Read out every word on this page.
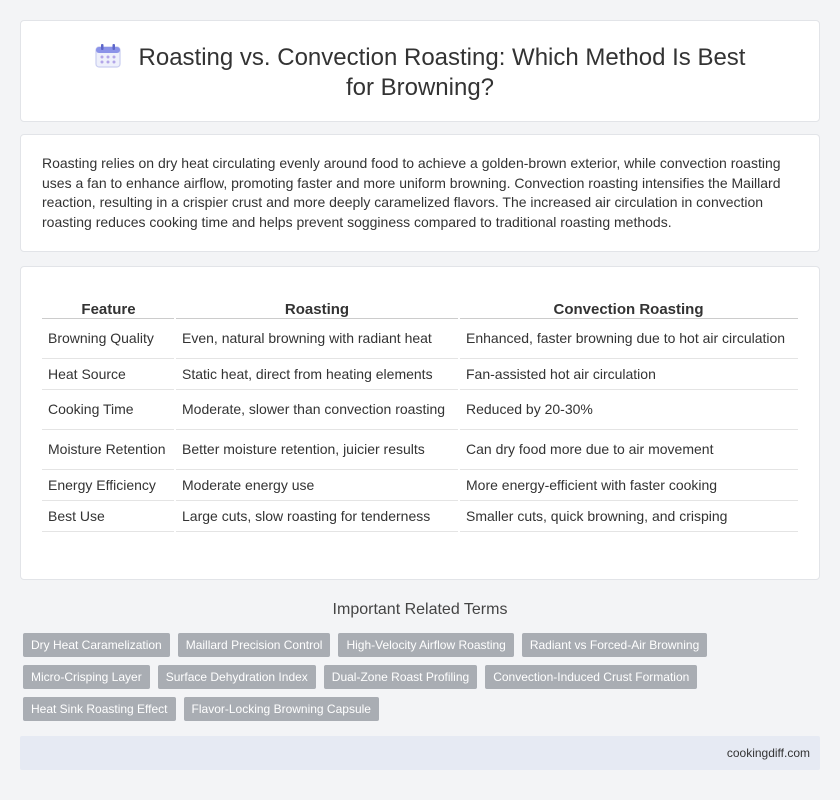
Roasting vs. Convection Roasting: Which Method Is Best for Browning?

Roasting relies on dry heat circulating evenly around food to achieve a golden-brown exterior, while convection roasting uses a fan to enhance airflow, promoting faster and more uniform browning. Convection roasting intensifies the Maillard reaction, resulting in a crispier crust and more deeply caramelized flavors. The increased air circulation in convection roasting reduces cooking time and helps prevent sogginess compared to traditional roasting methods.

Feature	Roasting	Convection Roasting
Browning Quality	Even, natural browning with radiant heat	Enhanced, faster browning due to hot air circulation
Heat Source	Static heat, direct from heating elements	Fan-assisted hot air circulation
Cooking Time	Moderate, slower than convection roasting	Reduced by 20-30%
Moisture Retention	Better moisture retention, juicier results	Can dry food more due to air movement
Energy Efficiency	Moderate energy use	More energy-efficient with faster cooking
Best Use	Large cuts, slow roasting for tenderness	Smaller cuts, quick browning, and crisping
Important Related Terms
Dry Heat Caramelization	Maillard Precision Control	High-Velocity Airflow Roasting	Radiant vs Forced-Air Browning
Micro-Crisping Layer	Surface Dehydration Index	Dual-Zone Roast Profiling	Convection-Induced Crust Formation
Heat Sink Roasting Effect	Flavor-Locking Browning Capsule
cookingdiff.com
